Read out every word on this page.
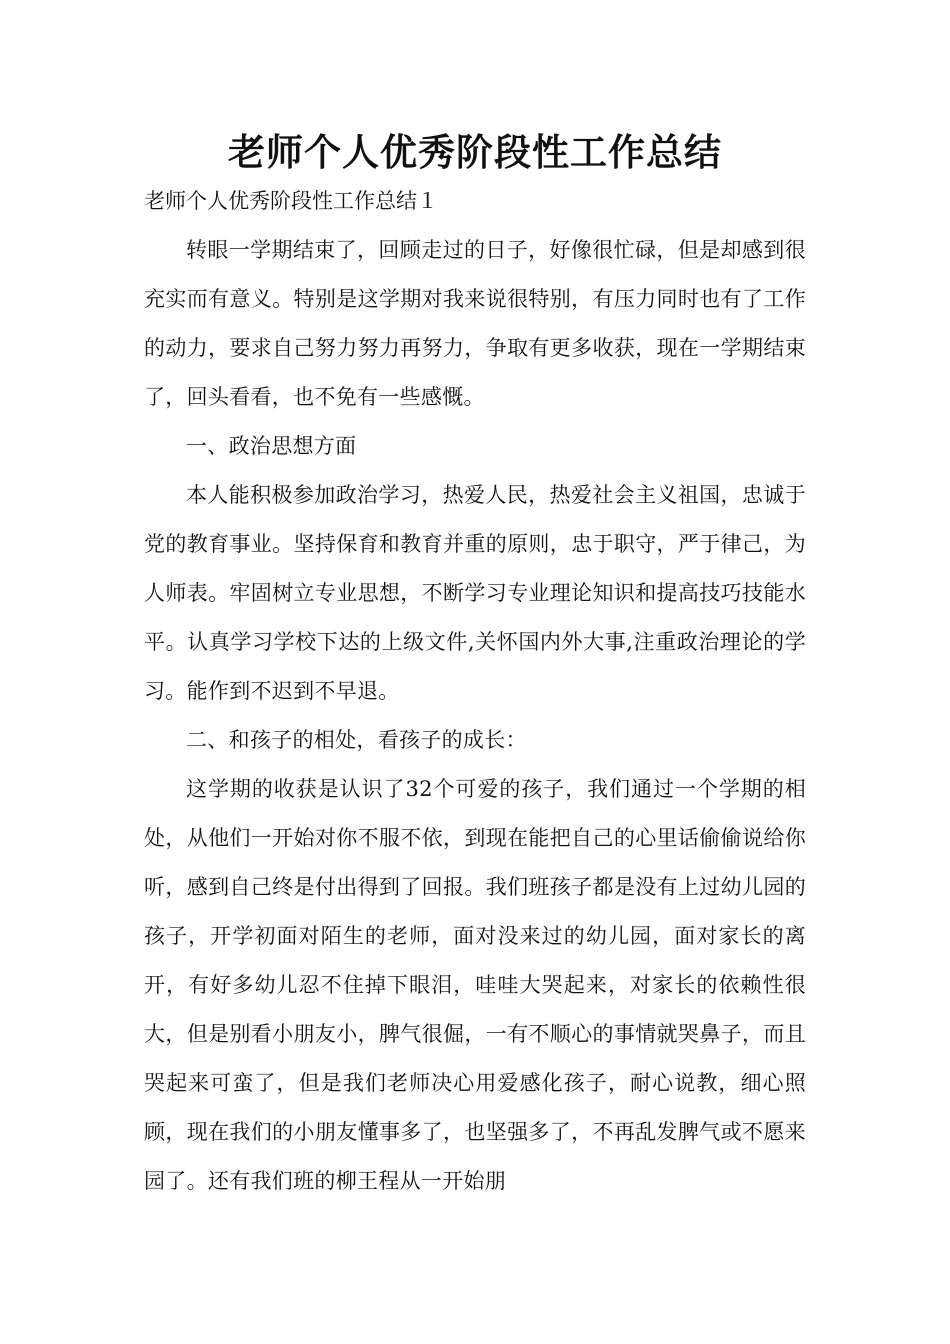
老师个人优秀阶段性工作总结
老师个人优秀阶段性工作总结１

转眼一学期结束了，回顾走过的日子，好像很忙碌，但是却感到很充实而有意义。特别是这学期对我来说很特别，有压力同时也有了工作的动力，要求自己努力努力再努力，争取有更多收获，现在一学期结束了，回头看看，也不免有一些感慨。

一、政治思想方面

本人能积极参加政治学习，热爱人民，热爱社会主义祖国，忠诚于党的教育事业。坚持保育和教育并重的原则，忠于职守，严于律己，为人师表。牢固树立专业思想，不断学习专业理论知识和提高技巧技能水平。认真学习学校下达的上级文件,关怀国内外大事,注重政治理论的学习。能作到不迟到不早退。

二、和孩子的相处，看孩子的成长：

这学期的收获是认识了32个可爱的孩子，我们通过一个学期的相处，从他们一开始对你不服不依，到现在能把自己的心里话偷偷说给你听，感到自己终是付出得到了回报。我们班孩子都是没有上过幼儿园的孩子，开学初面对陌生的老师，面对没来过的幼儿园，面对家长的离开，有好多幼儿忍不住掉下眼泪，哇哇大哭起来，对家长的依赖性很大，但是别看小朋友小，脾气很倔，一有不顺心的事情就哭鼻子，而且哭起来可蛮了，但是我们老师决心用爱感化孩子，耐心说教，细心照顾，现在我们的小朋友懂事多了，也坚强多了，不再乱发脾气或不愿来园了。还有我们班的柳王程从一开始朋
